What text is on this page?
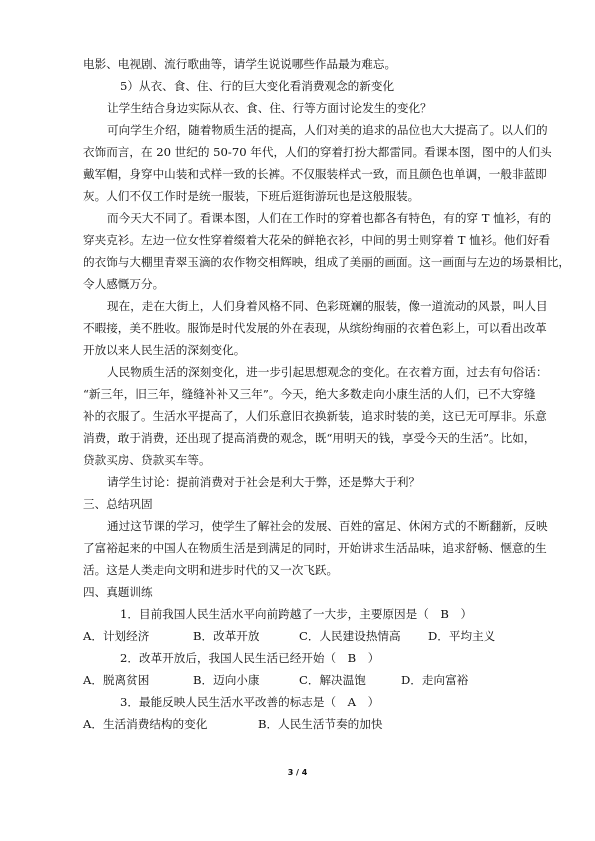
电影、电视剧、流行歌曲等，请学生说说哪些作品最为难忘。
5）从衣、食、住、行的巨大变化看消费观念的新变化
让学生结合身边实际从衣、食、住、行等方面讨论发生的变化？
可向学生介绍，随着物质生活的提高，人们对美的追求的品位也大大提高了。以人们的
衣饰而言，在 20 世纪的 50-70 年代，人们的穿着打扮大都雷同。看课本图，图中的人们头
戴军帽，身穿中山装和式样一致的长裤。不仅服装样式一致，而且颜色也单调，一般非蓝即
灰。人们不仅工作时是统一服装，下班后逛街游玩也是这般服装。
而今天大不同了。看课本图，人们在工作时的穿着也都各有特色，有的穿 T 恤衫，有的
穿夹克衫。左边一位女性穿着缀着大花朵的鲜艳衣衫，中间的男士则穿着 T 恤衫。他们好看
的衣饰与大棚里青翠玉滴的农作物交相辉映，组成了美丽的画面。这一画面与左边的场景相比，
令人感慨万分。
现在，走在大街上，人们身着风格不同、色彩斑斓的服装，像一道流动的风景，叫人目
不暇接，美不胜收。服饰是时代发展的外在表现，从缤纷绚丽的衣着色彩上，可以看出改革
开放以来人民生活的深刻变化。
人民物质生活的深刻变化，进一步引起思想观念的变化。在衣着方面，过去有句俗话：
“新三年，旧三年，缝缝补补又三年”。今天，绝大多数走向小康生活的人们，已不大穿缝
补的衣服了。生活水平提高了，人们乐意旧衣换新装，追求时装的美，这已无可厚非。乐意
消费，敢于消费，还出现了提高消费的观念，既“用明天的钱，享受今天的生活”。比如，
贷款买房、贷款买车等。
请学生讨论：提前消费对于社会是利大于弊，还是弊大于利？
三、总结巩固
通过这节课的学习，使学生了解社会的发展、百姓的富足、休闲方式的不断翻新，反映
了富裕起来的中国人在物质生活是到满足的同时，开始讲求生活品味，追求舒畅、惬意的生
活。这是人类走向文明和进步时代的又一次飞跃。
四、真题训练
1．目前我国人民生活水平向前跨越了一大步，主要原因是（　B　）
A．计划经济	B．改革开放	C．人民建设热情高 D．平均主义
2．改革开放后，我国人民生活已经开始（　B　）
A．脱离贫困	B．迈向小康	C．解决温饱	D．走向富裕
3．最能反映人民生活水平改善的标志是（　A　）
A．生活消费结构的变化	B．人民生活节奏的加快
3 / 4
